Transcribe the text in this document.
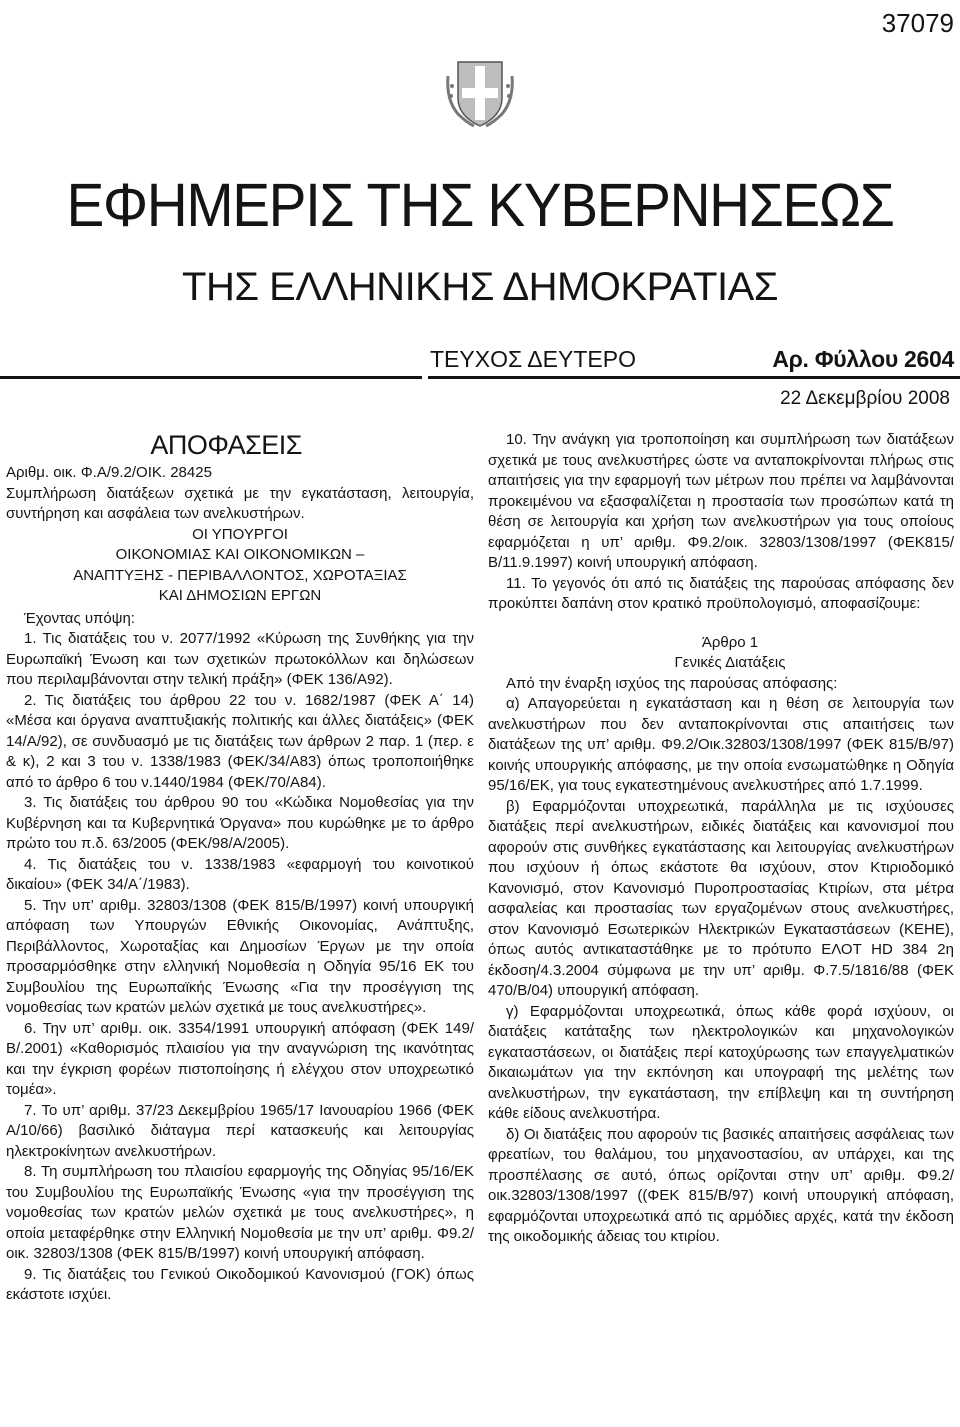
37079
ΕΦΗΜΕΡΙΣ ΤΗΣ ΚΥΒΕΡΝΗΣΕΩΣ
ΤΗΣ ΕΛΛΗΝΙΚΗΣ ΔΗΜΟΚΡΑΤΙΑΣ
ΤΕΥΧΟΣ ΔΕΥΤΕΡΟ	Αρ. Φύλλου 2604
22 Δεκεμβρίου 2008
ΑΠΟΦΑΣΕΙΣ

Αριθμ. οικ. Φ.Α/9.2/ΟΙΚ. 28425

Συμπλήρωση διατάξεων σχετικά με την εγκατάσταση, λειτουργία, συντήρηση και ασφάλεια των ανελκυστήρων.

ΟΙ ΥΠΟΥΡΓΟΙ
ΟΙΚΟΝΟΜΙΑΣ ΚΑΙ ΟΙΚΟΝΟΜΙΚΩΝ –
ΑΝΑΠΤΥΞΗΣ - ΠΕΡΙΒΑΛΛΟΝΤΟΣ, ΧΩΡΟΤΑΞΙΑΣ
ΚΑΙ ΔΗΜΟΣΙΩΝ ΕΡΓΩΝ

Έχοντας υπόψη:

1. Τις διατάξεις του ν. 2077/1992 «Κύρωση της Συνθήκης για την Ευρωπαϊκή Ένωση και των σχετικών πρωτοκόλλων και δηλώσεων που περιλαμβάνονται στην τελική πράξη» (ΦΕΚ 136/Α92).

2. Τις διατάξεις του άρθρου 22 του ν. 1682/1987 (ΦΕΚ Α΄ 14) «Μέσα και όργανα αναπτυξιακής πολιτικής και άλλες διατάξεις» (ΦΕΚ 14/Α/92), σε συνδυασμό με τις διατάξεις των άρθρων 2 παρ. 1 (περ. ε & κ), 2 και 3 του ν. 1338/1983 (ΦΕΚ/34/Α83) όπως τροποποιήθηκε από το άρθρο 6 του ν.1440/1984 (ΦΕΚ/70/Α84).

3. Τις διατάξεις του άρθρου 90 του «Κώδικα Νομοθεσίας για την Κυβέρνηση και τα Κυβερνητικά Όργανα» που κυρώθηκε με το άρθρο πρώτο του π.δ. 63/2005 (ΦΕΚ/98/Α/2005).

4. Τις διατάξεις του ν. 1338/1983 «εφαρμογή του κοινοτικού δικαίου» (ΦΕΚ 34/Α΄/1983).

5. Την υπ’ αριθμ. 32803/1308 (ΦΕΚ 815/Β/1997) κοινή υπουργική απόφαση των Υπουργών Εθνικής Οικονομίας, Ανάπτυξης, Περιβάλλοντος, Χωροταξίας και Δημοσίων Έργων με την οποία προσαρμόσθηκε στην ελληνική Νομοθεσία η Οδηγία 95/16 ΕΚ του Συμβουλίου της Ευρωπαϊκής Ένωσης «Για την προσέγγιση της νομοθεσίας των κρατών μελών σχετικά με τους ανελκυστήρες».

6. Την υπ’ αριθμ. οικ. 3354/1991 υπουργική απόφαση (ΦΕΚ 149/Β/.2001) «Καθορισμός πλαισίου για την αναγνώριση της ικανότητας και την έγκριση φορέων πιστοποίησης ή ελέγχου στον υποχρεωτικό τομέα».

7. Το υπ’ αριθμ. 37/23 Δεκεμβρίου 1965/17 Ιανουαρίου 1966 (ΦΕΚ Α/10/66) βασιλικό διάταγμα περί κατασκευής και λειτουργίας ηλεκτροκίνητων ανελκυστήρων.

8. Τη συμπλήρωση του πλαισίου εφαρμογής της Οδηγίας 95/16/ΕΚ του Συμβουλίου της Ευρωπαϊκής Ένωσης «για την προσέγγιση της νομοθεσίας των κρατών μελών σχετικά με τους ανελκυστήρες», η οποία μεταφέρθηκε στην Ελληνική Νομοθεσία με την υπ’ αριθμ. Φ9.2/οικ. 32803/1308 (ΦΕΚ 815/Β/1997) κοινή υπουργική απόφαση.

9. Τις διατάξεις του Γενικού Οικοδομικού Κανονισμού (ΓΟΚ) όπως εκάστοτε ισχύει.

10. Την ανάγκη για τροποποίηση και συμπλήρωση των διατάξεων σχετικά με τους ανελκυστήρες ώστε να ανταποκρίνονται πλήρως στις απαιτήσεις για την εφαρμογή των μέτρων που πρέπει να λαμβάνονται προκειμένου να εξασφαλίζεται η προστασία των προσώπων κατά τη θέση σε λειτουργία και χρήση των ανελκυστήρων για τους οποίους εφαρμόζεται η υπ’ αριθμ. Φ9.2/οικ. 32803/1308/1997 (ΦΕΚ815/ Β/11.9.1997) κοινή υπουργική απόφαση.

11. Το γεγονός ότι από τις διατάξεις της παρούσας απόφασης δεν προκύπτει δαπάνη στον κρατικό προϋπολογισμό, αποφασίζουμε:

Άρθρο 1

Γενικές Διατάξεις

Από την έναρξη ισχύος της παρούσας απόφασης:

α) Απαγορεύεται η εγκατάσταση και η θέση σε λειτουργία των ανελκυστήρων που δεν ανταποκρίνονται στις απαιτήσεις των διατάξεων της υπ’ αριθμ. Φ9.2/Οικ.32803/1308/1997 (ΦΕΚ 815/Β/97) κοινής υπουργικής απόφασης, με την οποία ενσωματώθηκε η Οδηγία 95/16/ΕΚ, για τους εγκατεστημένους ανελκυστήρες από 1.7.1999.

β) Εφαρμόζονται υποχρεωτικά, παράλληλα με τις ισχύουσες διατάξεις περί ανελκυστήρων, ειδικές διατάξεις και κανονισμοί που αφορούν στις συνθήκες εγκατάστασης και λειτουργίας ανελκυστήρων που ισχύουν ή όπως εκάστοτε θα ισχύουν, στον Κτιριοδομικό Κανονισμό, στον Κανονισμό Πυροπροστασίας Κτιρίων, στα μέτρα ασφαλείας και προστασίας των εργαζομένων στους ανελκυστήρες, στον Κανονισμό Εσωτερικών Ηλεκτρικών Εγκαταστάσεων (ΚΕΗΕ), όπως αυτός αντικαταστάθηκε με το πρότυπο ΕΛΟΤ HD 384 2η έκδοση/4.3.2004 σύμφωνα με την υπ’ αριθμ. Φ.7.5/1816/88 (ΦΕΚ 470/Β/04) υπουργική απόφαση.

γ) Εφαρμόζονται υποχρεωτικά, όπως κάθε φορά ισχύουν, οι διατάξεις κατάταξης των ηλεκτρολογικών και μηχανολογικών εγκαταστάσεων, οι διατάξεις περί κατοχύρωσης των επαγγελματικών δικαιωμάτων για την εκπόνηση και υπογραφή της μελέτης των ανελκυστήρων, την εγκατάσταση, την επίβλεψη και τη συντήρηση κάθε είδους ανελκυστήρα.

δ) Οι διατάξεις που αφορούν τις βασικές απαιτήσεις ασφάλειας των φρεατίων, του θαλάμου, του μηχανοστασίου, αν υπάρχει, και της προσπέλασης σε αυτό, όπως ορίζονται στην υπ’ αριθμ. Φ9.2/οικ.32803/1308/1997 ((ΦΕΚ 815/Β/97) κοινή υπουργική απόφαση, εφαρμόζονται υποχρεωτικά από τις αρμόδιες αρχές, κατά την έκδοση της οικοδομικής άδειας του κτιρίου.
